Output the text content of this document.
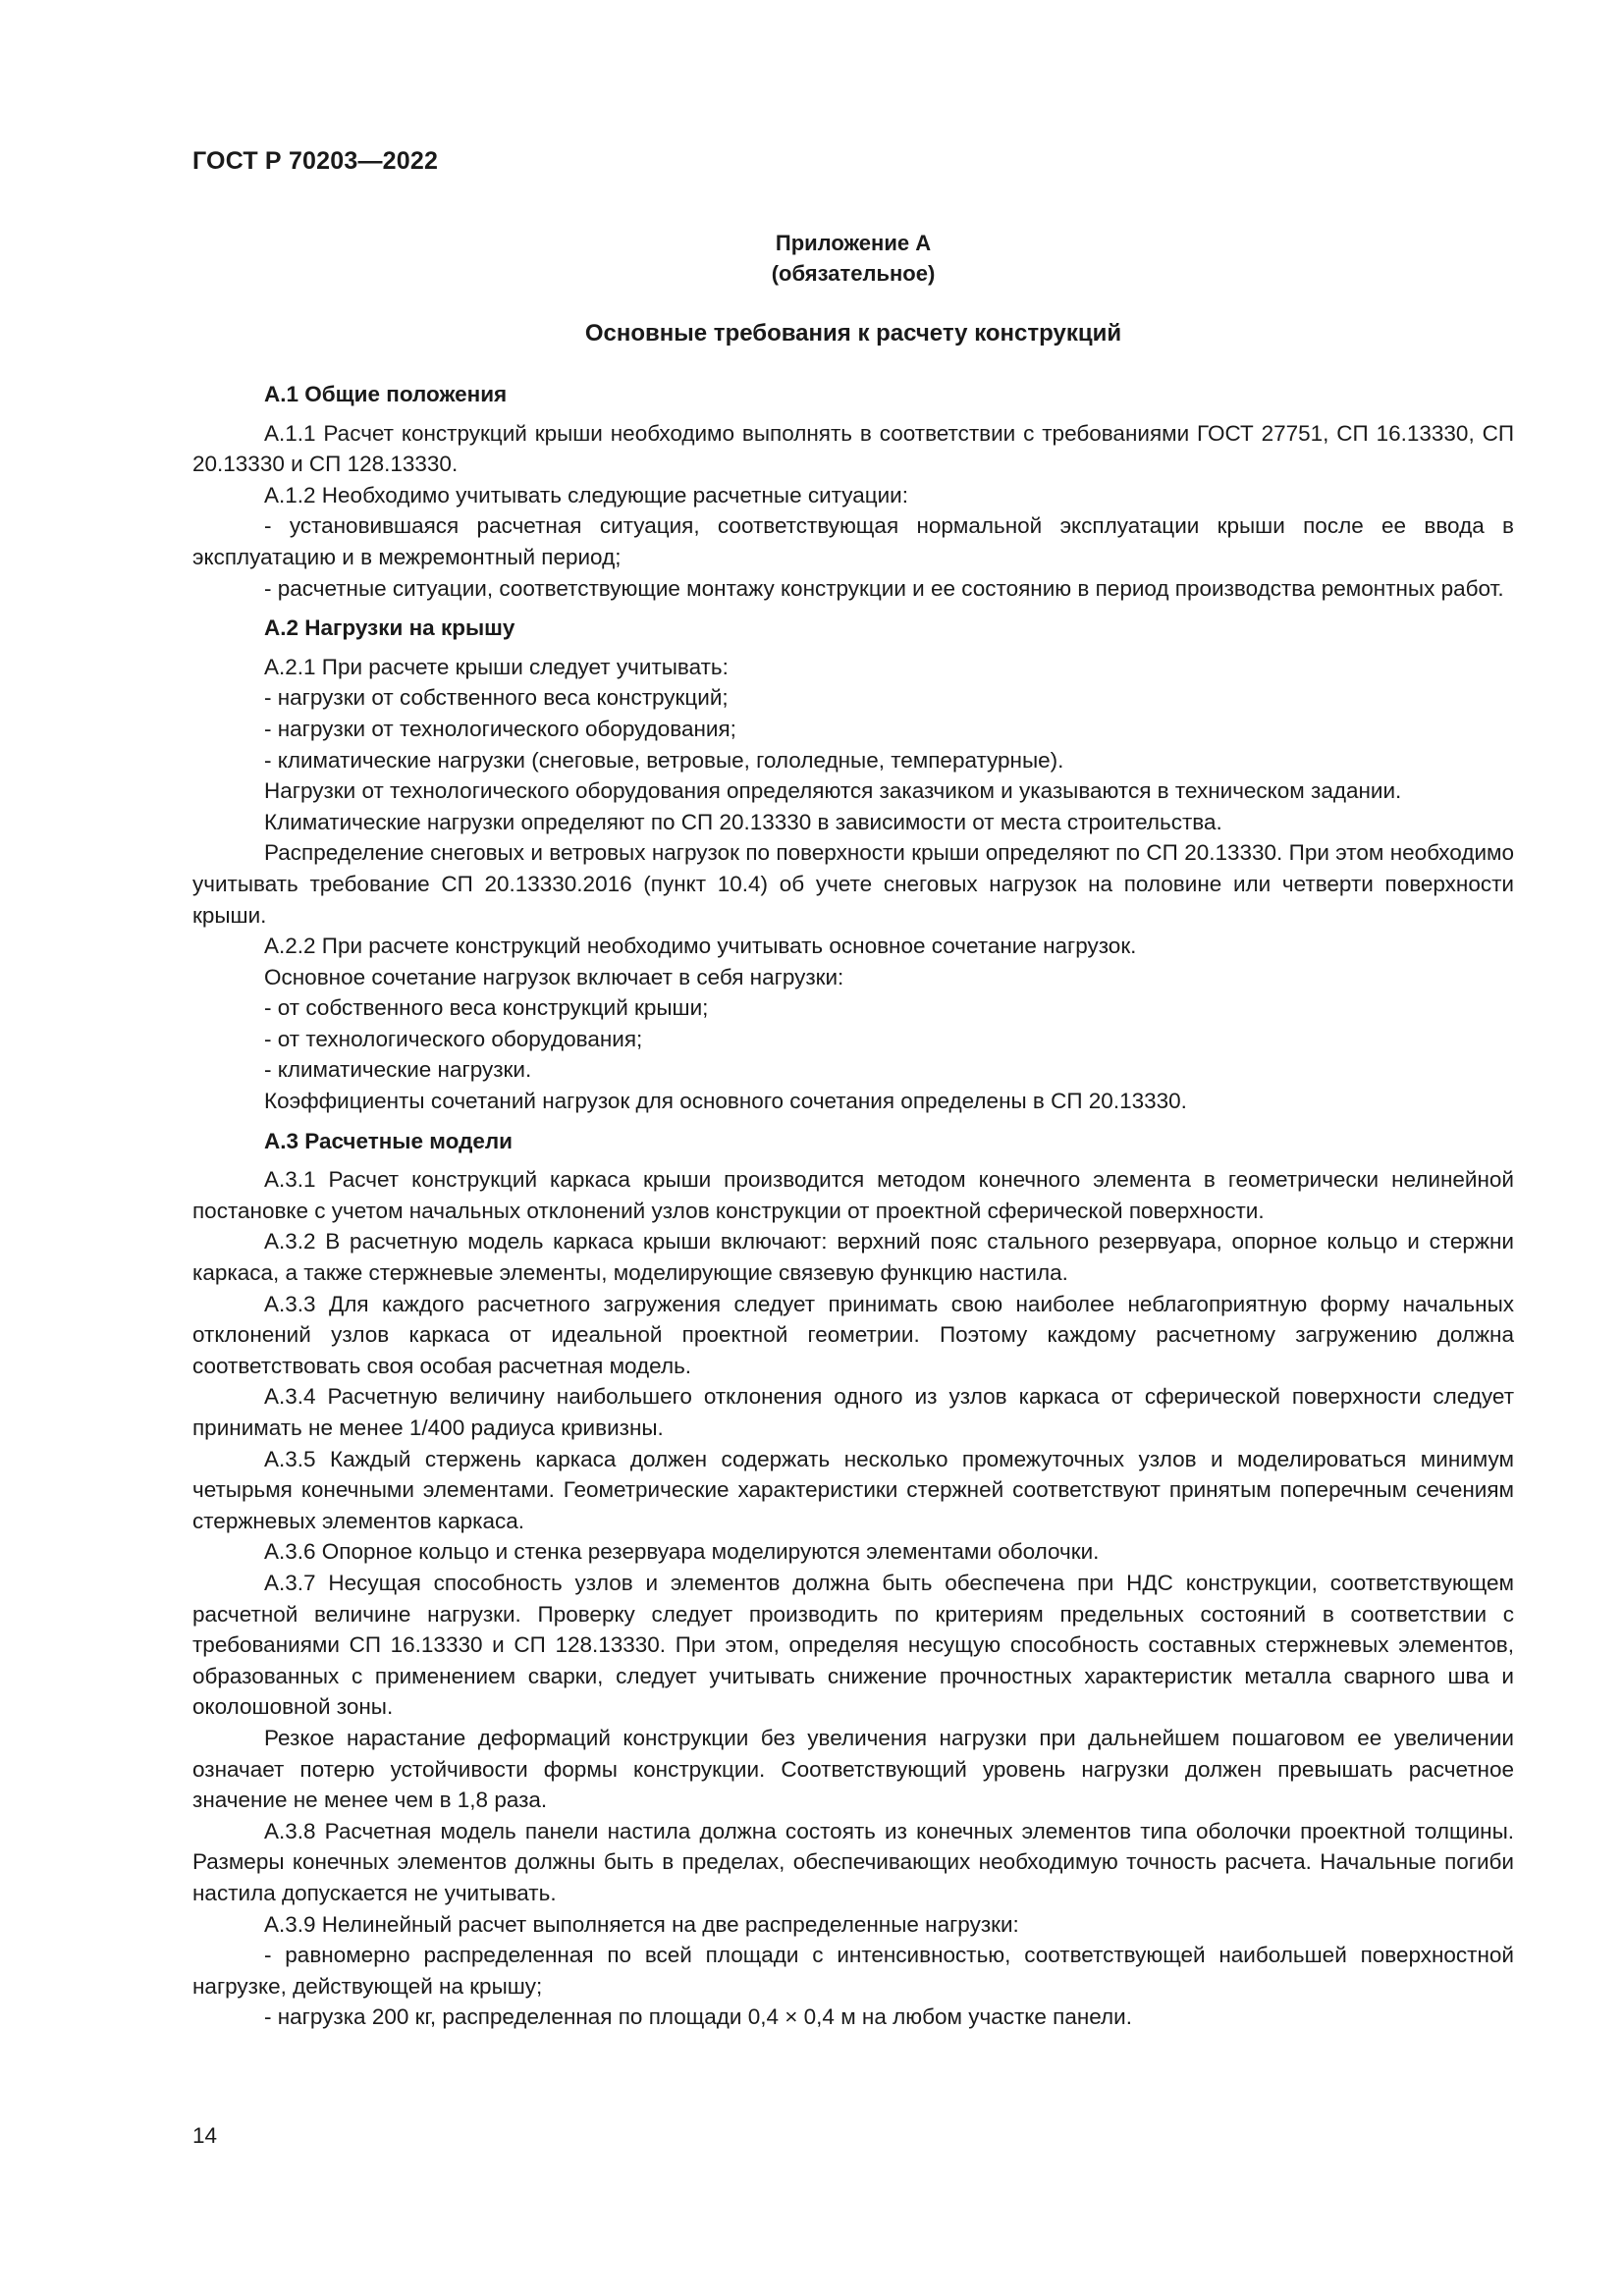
ГОСТ Р 70203—2022
Приложение А
(обязательное)
Основные требования к расчету конструкций

А.1 Общие положения

А.1.1 Расчет конструкций крыши необходимо выполнять в соответствии с требованиями ГОСТ 27751, СП 16.13330, СП 20.13330 и СП 128.13330.

А.1.2 Необходимо учитывать следующие расчетные ситуации:

- установившаяся расчетная ситуация, соответствующая нормальной эксплуатации крыши после ее ввода в эксплуатацию и в межремонтный период;

- расчетные ситуации, соответствующие монтажу конструкции и ее состоянию в период производства ремонтных работ.

А.2 Нагрузки на крышу

А.2.1 При расчете крыши следует учитывать:

- нагрузки от собственного веса конструкций;

- нагрузки от технологического оборудования;

- климатические нагрузки (снеговые, ветровые, гололедные, температурные).

Нагрузки от технологического оборудования определяются заказчиком и указываются в техническом задании.

Климатические нагрузки определяют по СП 20.13330 в зависимости от места строительства.

Распределение снеговых и ветровых нагрузок по поверхности крыши определяют по СП 20.13330. При этом необходимо учитывать требование СП 20.13330.2016 (пункт 10.4) об учете снеговых нагрузок на половине или четверти поверхности крыши.

А.2.2 При расчете конструкций необходимо учитывать основное сочетание нагрузок.

Основное сочетание нагрузок включает в себя нагрузки:

- от собственного веса конструкций крыши;

- от технологического оборудования;

- климатические нагрузки.

Коэффициенты сочетаний нагрузок для основного сочетания определены в СП 20.13330.

А.3 Расчетные модели

А.3.1 Расчет конструкций каркаса крыши производится методом конечного элемента в геометрически нелинейной постановке с учетом начальных отклонений узлов конструкции от проектной сферической поверхности.

А.3.2 В расчетную модель каркаса крыши включают: верхний пояс стального резервуара, опорное кольцо и стержни каркаса, а также стержневые элементы, моделирующие связевую функцию настила.

А.3.3 Для каждого расчетного загружения следует принимать свою наиболее неблагоприятную форму начальных отклонений узлов каркаса от идеальной проектной геометрии. Поэтому каждому расчетному загружению должна соответствовать своя особая расчетная модель.

А.3.4 Расчетную величину наибольшего отклонения одного из узлов каркаса от сферической поверхности следует принимать не менее 1/400 радиуса кривизны.

А.3.5 Каждый стержень каркаса должен содержать несколько промежуточных узлов и моделироваться минимум четырьмя конечными элементами. Геометрические характеристики стержней соответствуют принятым поперечным сечениям стержневых элементов каркаса.

А.3.6 Опорное кольцо и стенка резервуара моделируются элементами оболочки.

А.3.7 Несущая способность узлов и элементов должна быть обеспечена при НДС конструкции, соответствующем расчетной величине нагрузки. Проверку следует производить по критериям предельных состояний в соответствии с требованиями СП 16.13330 и СП 128.13330. При этом, определяя несущую способность составных стержневых элементов, образованных с применением сварки, следует учитывать снижение прочностных характеристик металла сварного шва и околошовной зоны.

Резкое нарастание деформаций конструкции без увеличения нагрузки при дальнейшем пошаговом ее увеличении означает потерю устойчивости формы конструкции. Соответствующий уровень нагрузки должен превышать расчетное значение не менее чем в 1,8 раза.

А.3.8 Расчетная модель панели настила должна состоять из конечных элементов типа оболочки проектной толщины. Размеры конечных элементов должны быть в пределах, обеспечивающих необходимую точность расчета. Начальные погиби настила допускается не учитывать.

А.3.9 Нелинейный расчет выполняется на две распределенные нагрузки:

- равномерно распределенная по всей площади с интенсивностью, соответствующей наибольшей поверхностной нагрузке, действующей на крышу;

- нагрузка 200 кг, распределенная по площади 0,4 × 0,4 м на любом участке панели.

14
